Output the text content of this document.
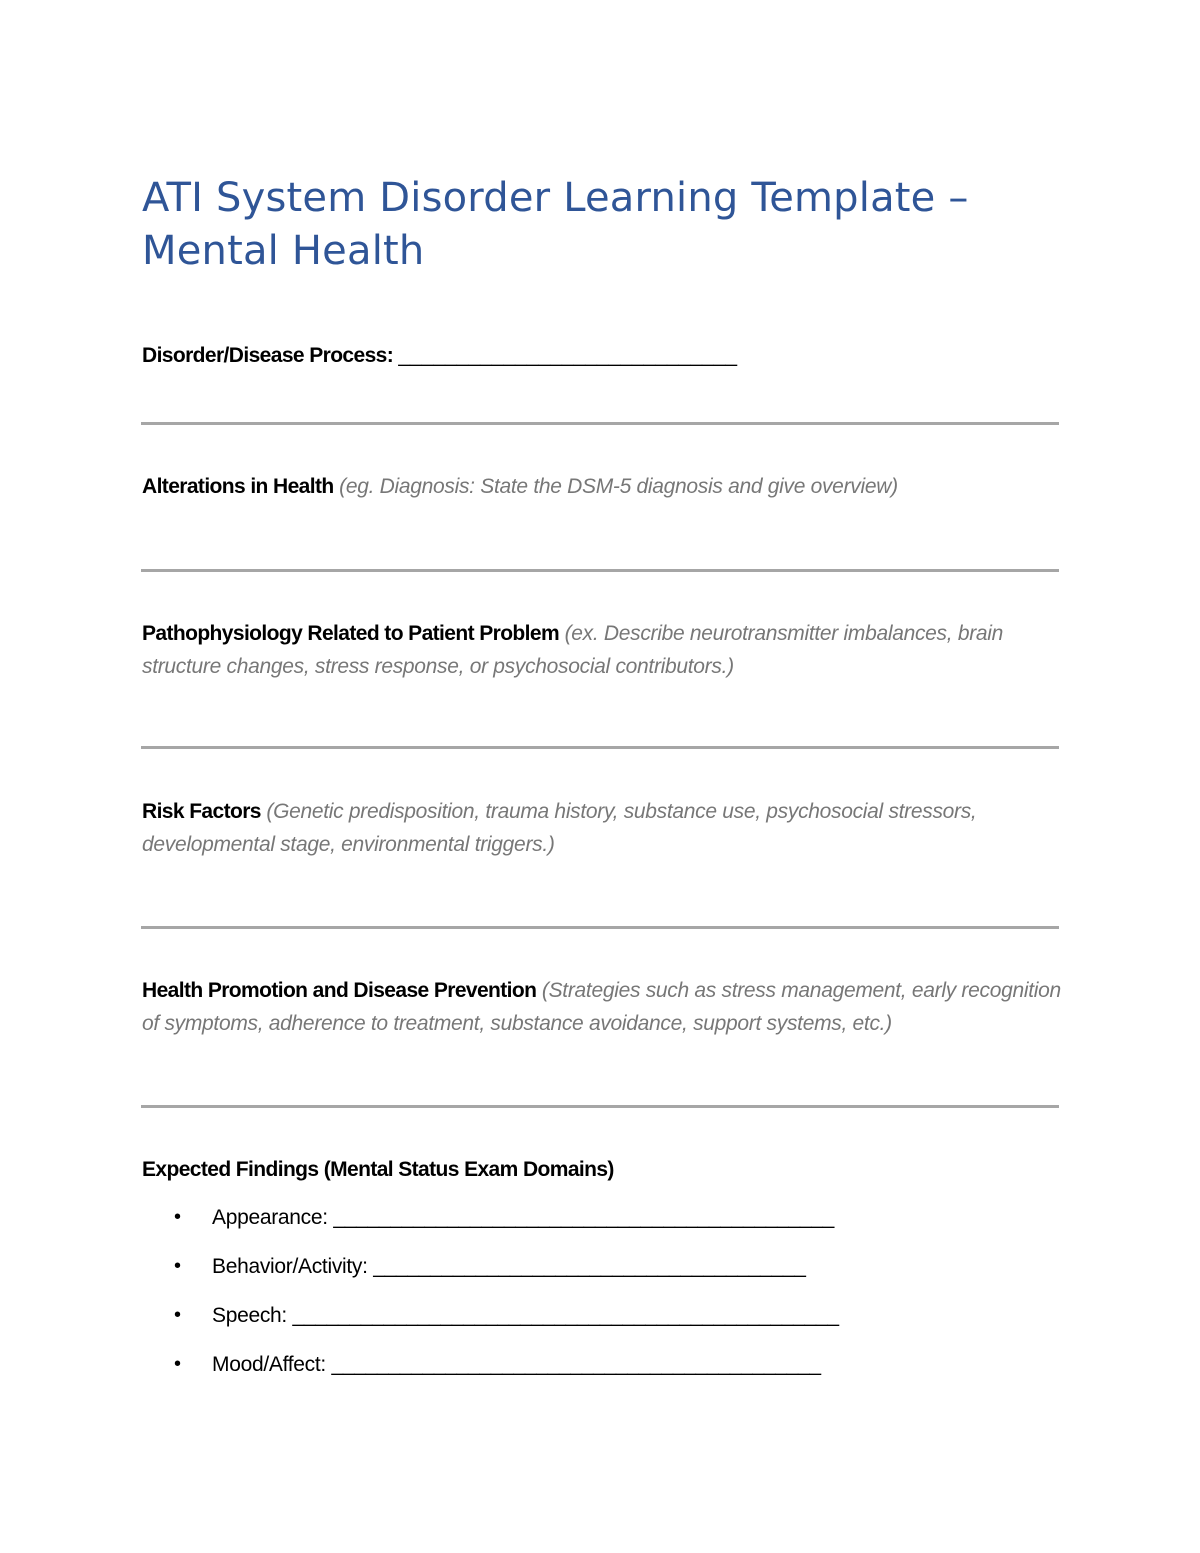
ATI System Disorder Learning Template –
Mental Health

Disorder/Disease Process: _____________________________

Alterations in Health (eg. Diagnosis: State the DSM-5 diagnosis and give overview)

Pathophysiology Related to Patient Problem (ex. Describe neurotransmitter imbalances, brain structure changes, stress response, or psychosocial contributors.)

Risk Factors (Genetic predisposition, trauma history, substance use, psychosocial stressors, developmental stage, environmental triggers.)

Health Promotion and Disease Prevention (Strategies such as stress management, early recognition of symptoms, adherence to treatment, substance avoidance, support systems, etc.)

Expected Findings (Mental Status Exam Domains)

• Appearance: ____________________________________________
• Behavior/Activity: ______________________________________
• Speech: ________________________________________________
• Mood/Affect: ___________________________________________
